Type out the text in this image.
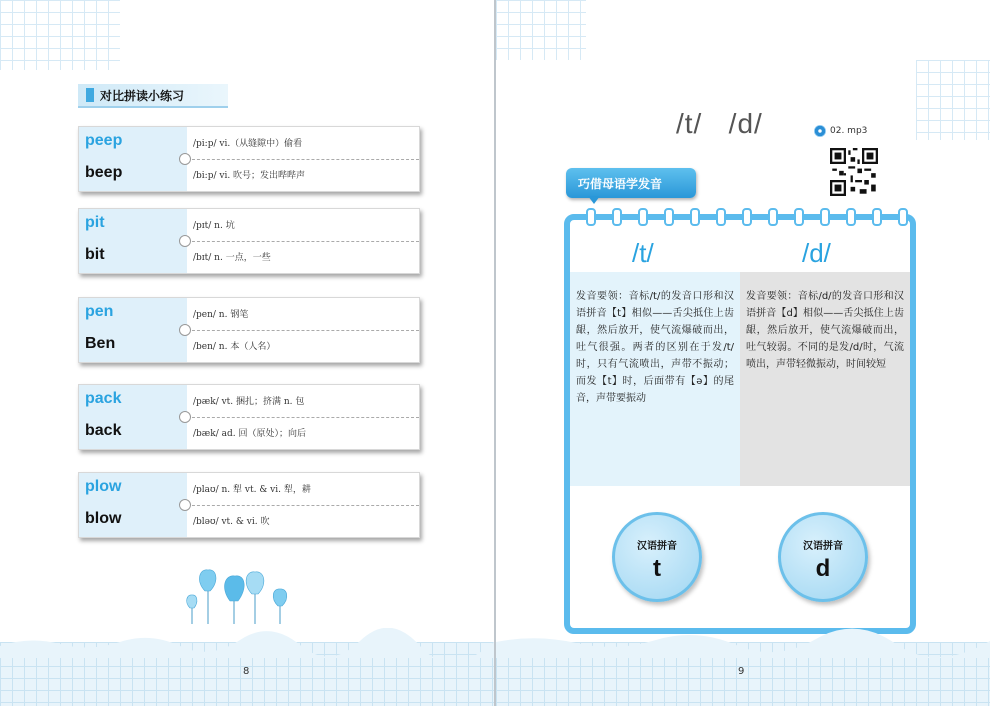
对比拼读小练习
peep	/pi:p/ vi.（从缝隙中）偷看
beep	/bi:p/ vi. 吹号；发出哔哔声
pit	/pɪt/ n. 坑
bit	/bɪt/ n. 一点，一些
pen	/pen/ n. 钢笔
Ben	/ben/ n. 本（人名）
pack	/pæk/ vt. 捆扎；挤满 n. 包
back	/bæk/ ad. 回（原处）；向后
plow	/plaʊ/ n. 犁 vt. & vi. 犁，耕
blow	/bləʊ/ vt. & vi. 吹
8
/t/   /d/	02. mp3
巧借母语学发音
/t/	/d/
发音要领：音标/t/的发音口形和汉语拼音【t】相似——舌尖抵住上齿龈，然后放开，使气流爆破而出，吐气很强。两者的区别在于发/t/时，只有气流喷出，声带不振动；而发【t】时，后面带有【ə】的尾音，声带要振动
发音要领：音标/d/的发音口形和汉语拼音【d】相似——舌尖抵住上齿龈，然后放开，使气流爆破而出，吐气较弱。不同的是发/d/时，气流喷出，声带轻微振动，时间较短
汉语拼音
t
汉语拼音
d
9
